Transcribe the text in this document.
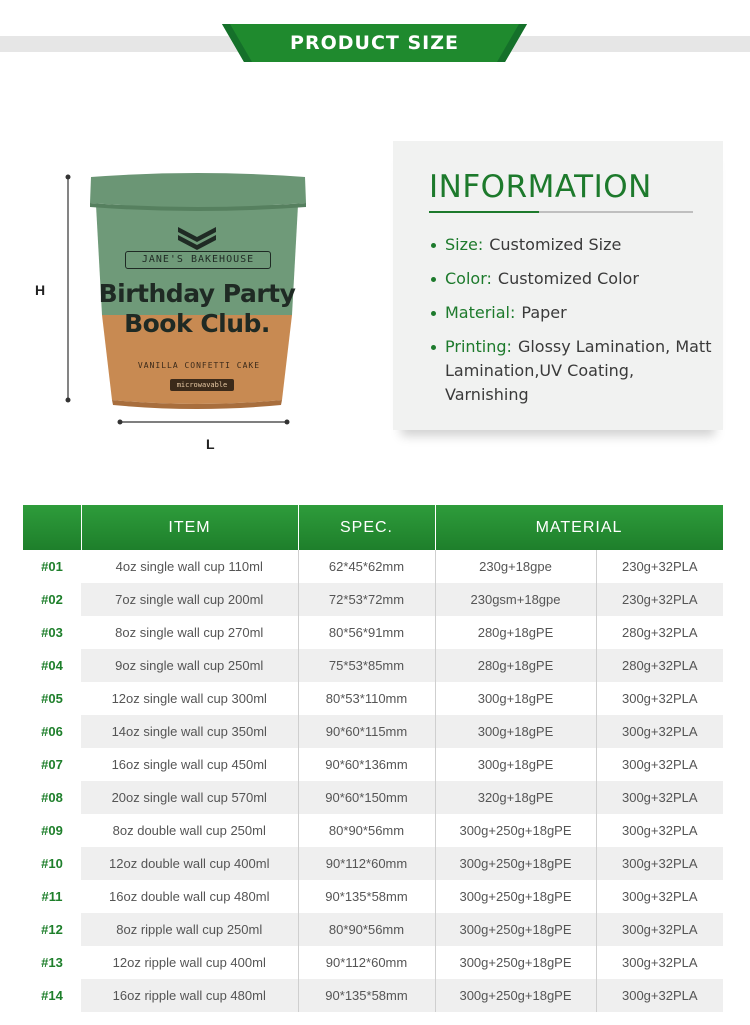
PRODUCT SIZE
JANE'S BAKEHOUSE
Birthday Party
Book Club.
VANILLA CONFETTI CAKE
microwavable
H
L
INFORMATION
Size: Customized Size
Color: Customized Color
Material: Paper
Printing: Glossy Lamination, Matt Lamination,UV Coating, Varnishing
	ITEM	SPEC.	MATERIAL	
#01	4oz single wall cup 110ml	62*45*62mm	230g+18gpe	230g+32PLA
#02	7oz single wall cup 200ml	72*53*72mm	230gsm+18gpe	230g+32PLA
#03	8oz single wall cup 270ml	80*56*91mm	280g+18gPE	280g+32PLA
#04	9oz single wall cup 250ml	75*53*85mm	280g+18gPE	280g+32PLA
#05	12oz single wall cup 300ml	80*53*110mm	300g+18gPE	300g+32PLA
#06	14oz single wall cup 350ml	90*60*115mm	300g+18gPE	300g+32PLA
#07	16oz single wall cup 450ml	90*60*136mm	300g+18gPE	300g+32PLA
#08	20oz single wall cup 570ml	90*60*150mm	320g+18gPE	300g+32PLA
#09	8oz double wall cup 250ml	80*90*56mm	300g+250g+18gPE	300g+32PLA
#10	12oz double wall cup 400ml	90*112*60mm	300g+250g+18gPE	300g+32PLA
#11	16oz double wall cup 480ml	90*135*58mm	300g+250g+18gPE	300g+32PLA
#12	8oz ripple wall cup 250ml	80*90*56mm	300g+250g+18gPE	300g+32PLA
#13	12oz ripple wall cup 400ml	90*112*60mm	300g+250g+18gPE	300g+32PLA
#14	16oz ripple wall cup 480ml	90*135*58mm	300g+250g+18gPE	300g+32PLA
